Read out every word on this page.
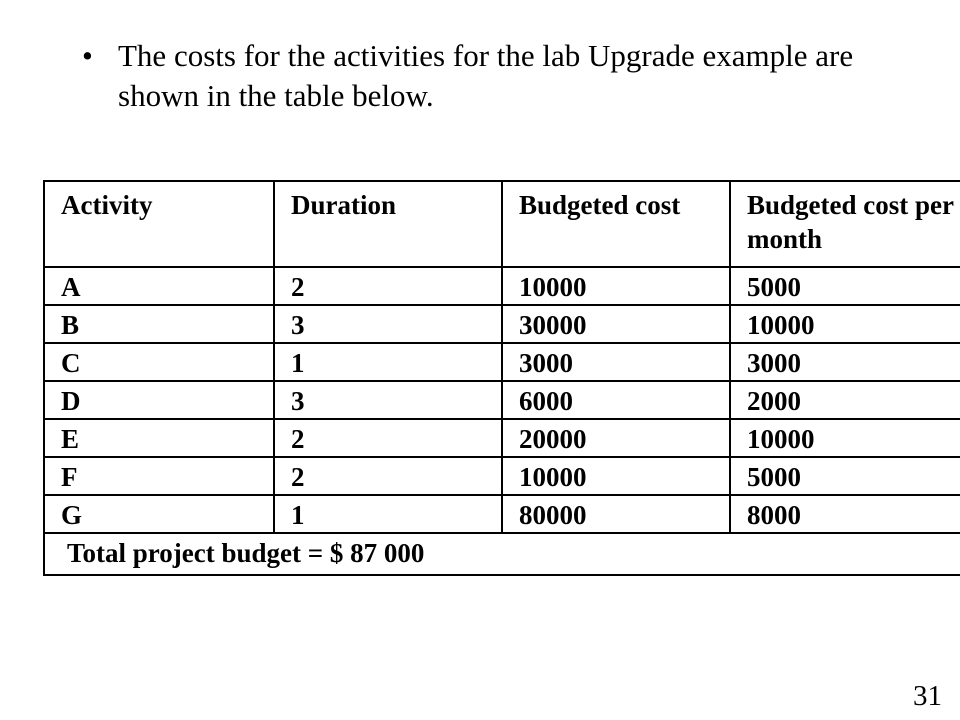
• The costs for the activities for the lab Upgrade example are shown in the table below.
Activity	Duration	Budgeted cost	Budgeted cost per month
A	2	10000	5000
B	3	30000	10000
C	1	3000	3000
D	3	6000	2000
E	2	20000	10000
F	2	10000	5000
G	1	80000	8000
Total project budget = $ 87 000			
31
